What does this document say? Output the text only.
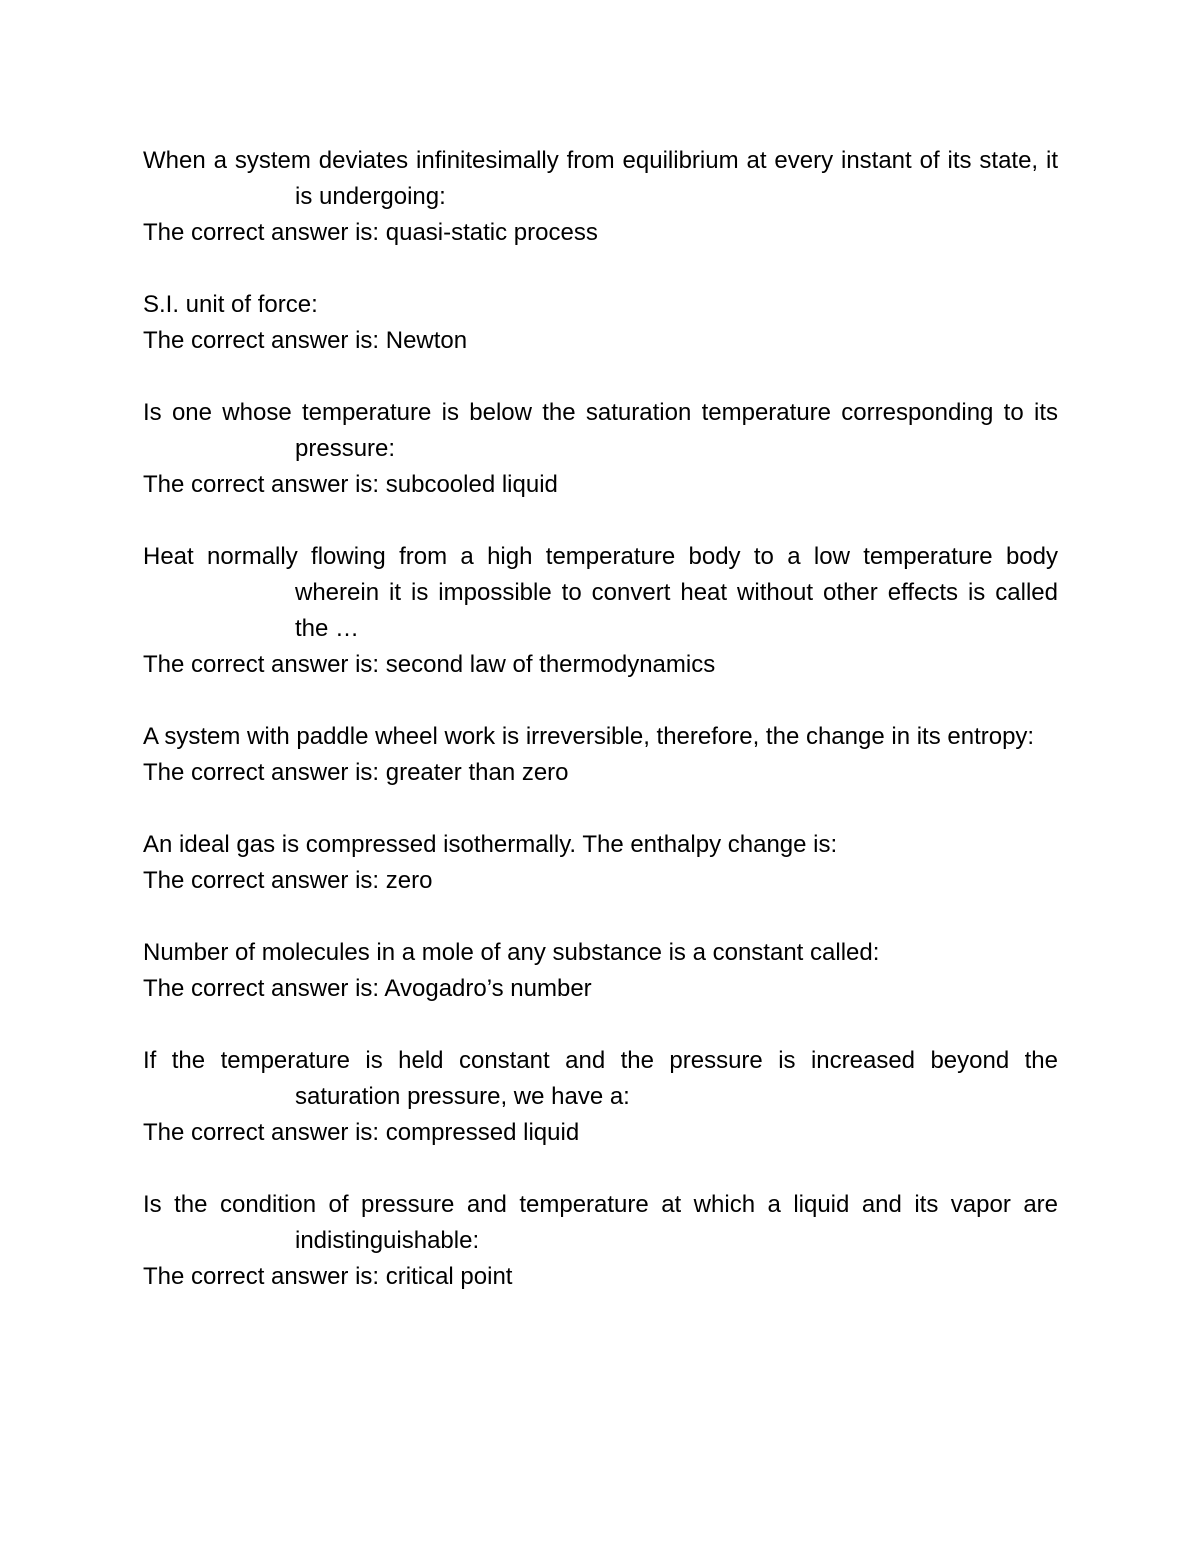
When a system deviates infinitesimally from equilibrium at every instant of its state, it is undergoing:

The correct answer is: quasi-static process

S.I. unit of force:

The correct answer is: Newton

Is one whose temperature is below the saturation temperature corresponding to its pressure:

The correct answer is: subcooled liquid

Heat normally flowing from a high temperature body to a low temperature body wherein it is impossible to convert heat without other effects is called the …

The correct answer is: second law of thermodynamics

A system with paddle wheel work is irreversible, therefore, the change in its entropy:

The correct answer is: greater than zero

An ideal gas is compressed isothermally. The enthalpy change is:

The correct answer is: zero

Number of molecules in a mole of any substance is a constant called:

The correct answer is: Avogadro’s number

If the temperature is held constant and the pressure is increased beyond the saturation pressure, we have a:

The correct answer is: compressed liquid

Is the condition of pressure and temperature at which a liquid and its vapor are indistinguishable:

The correct answer is: critical point
